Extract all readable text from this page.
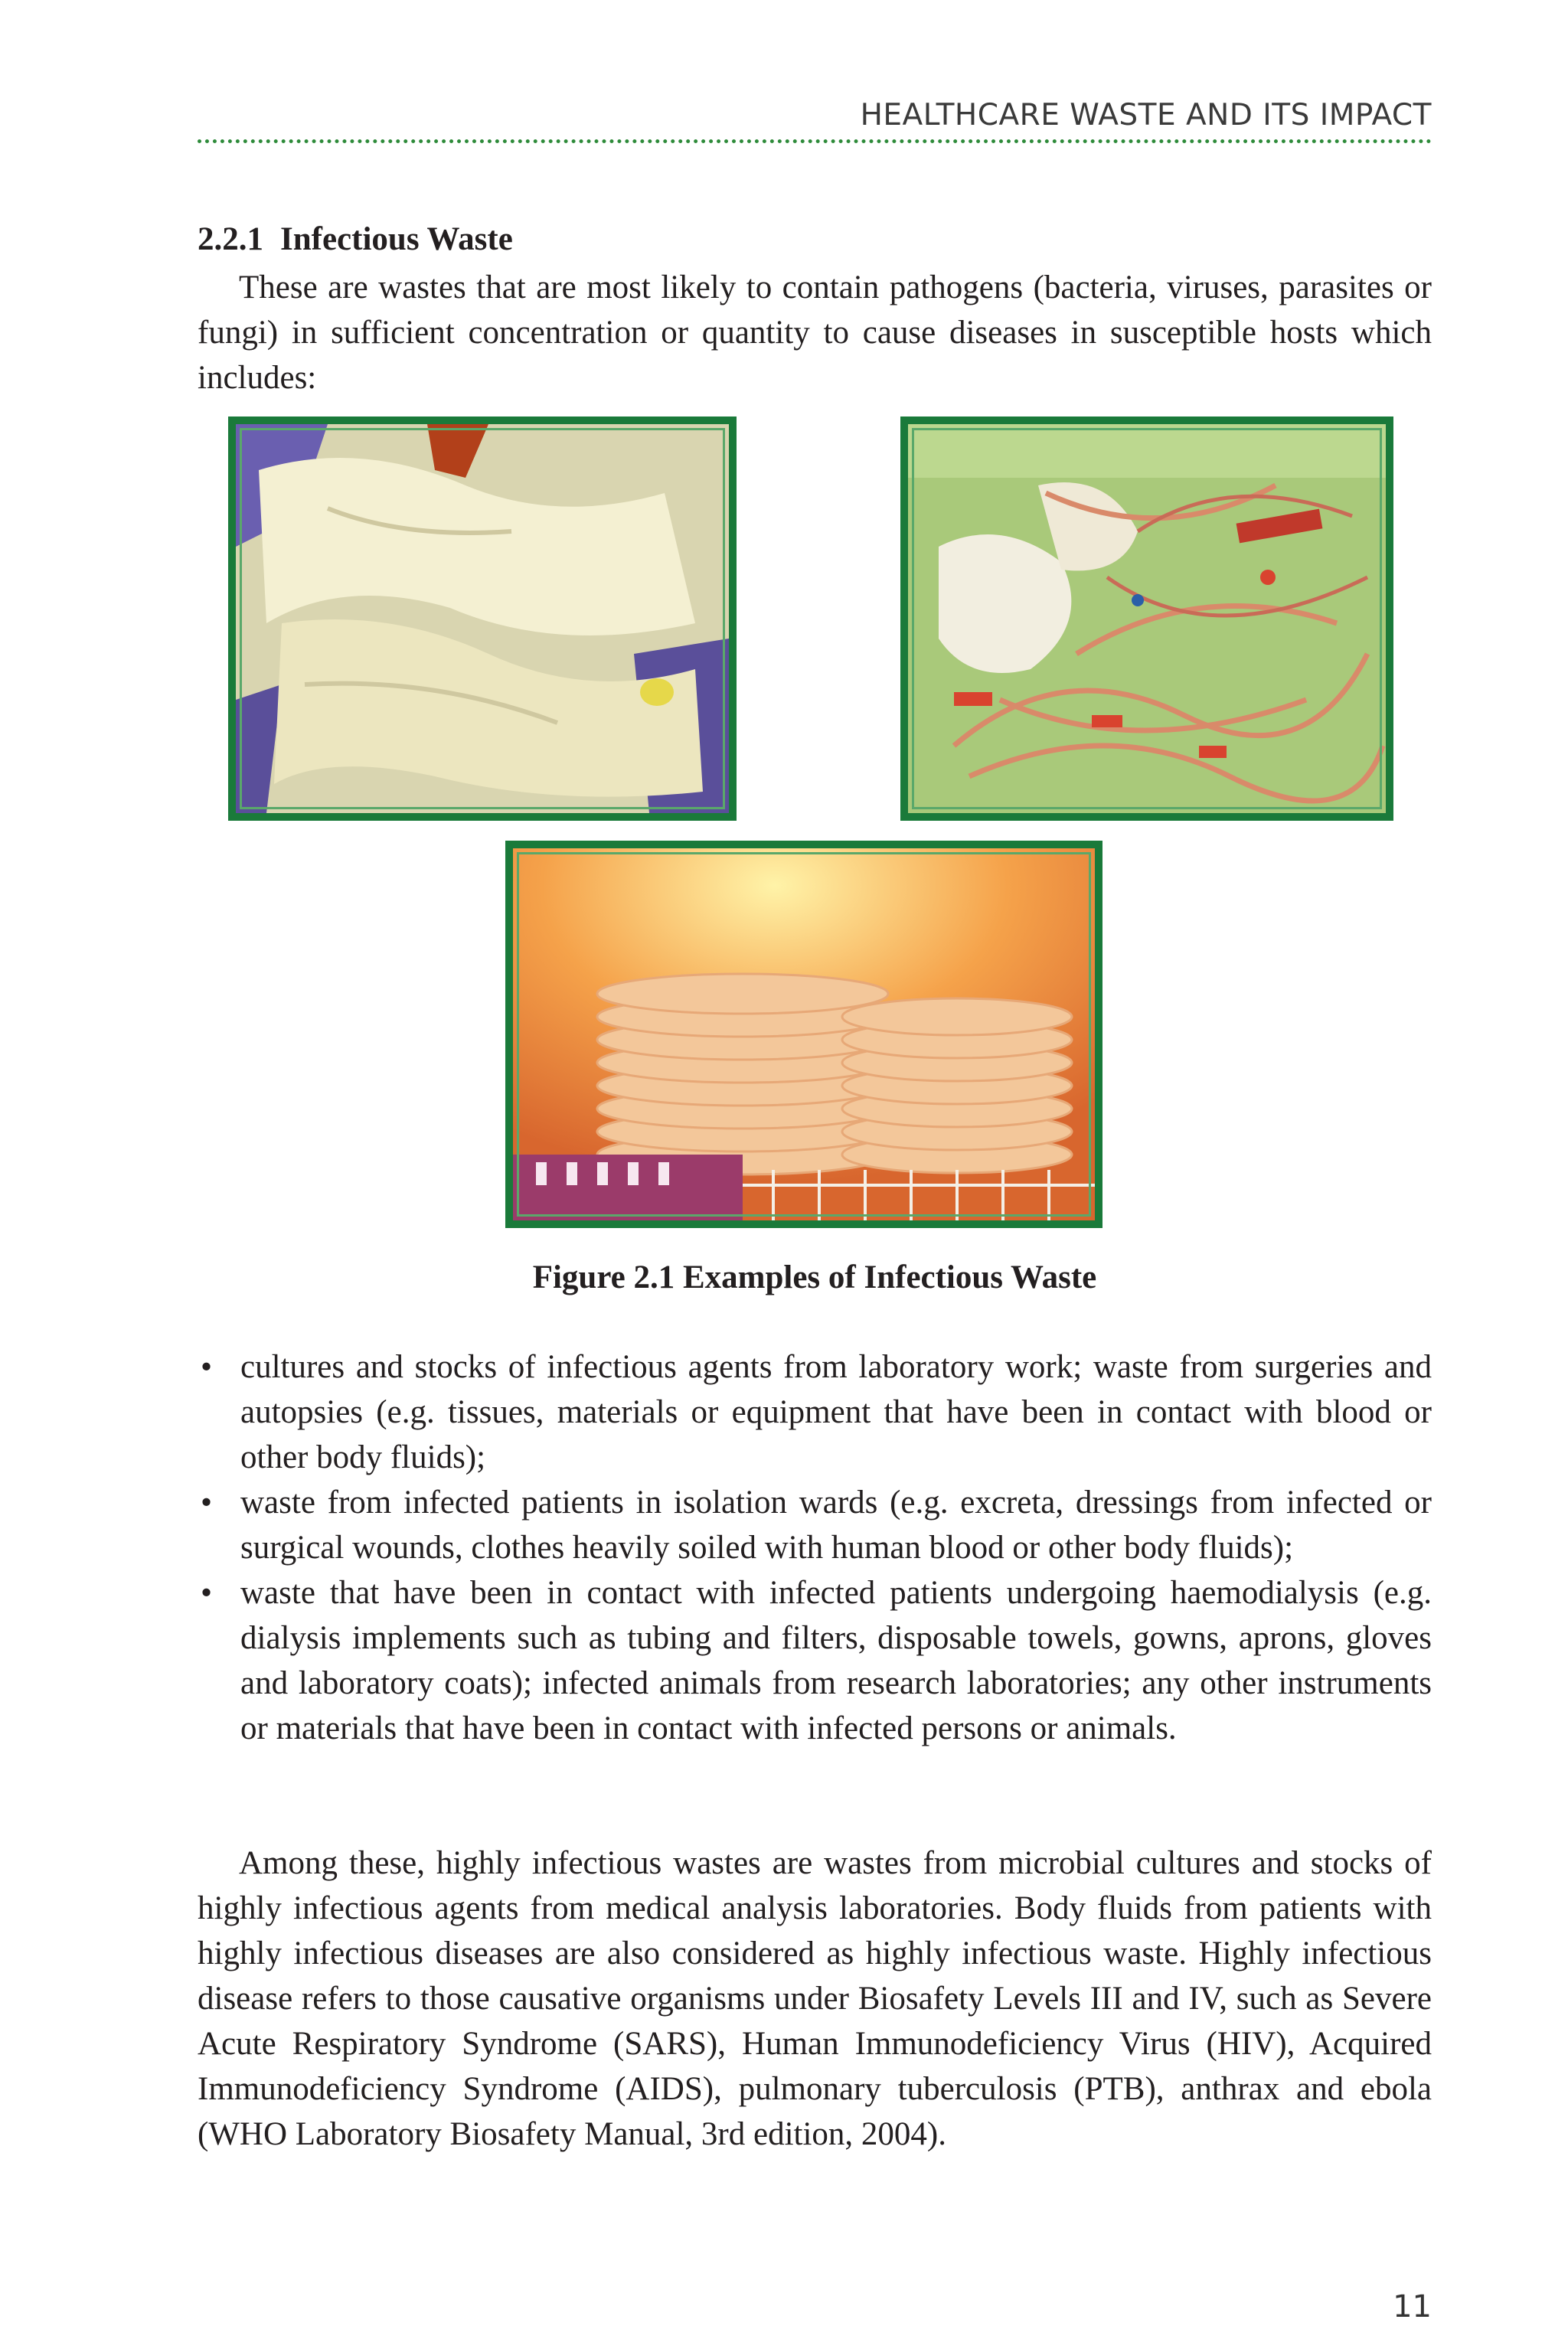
HEALTHCARE WASTE AND ITS IMPACT
2.2.1 Infectious Waste

These are wastes that are most likely to contain pathogens (bacteria, viruses, parasites or fungi) in sufficient concentration or quantity to cause diseases in susceptible hosts which includes:

Figure 2.1 Examples of Infectious Waste
• cultures and stocks of infectious agents from laboratory work; waste from surgeries and autopsies (e.g. tissues, materials or equipment that have been in contact with blood or other body fluids);
• waste from infected patients in isolation wards (e.g. excreta, dressings from infected or surgical wounds, clothes heavily soiled with human blood or other body fluids);
• waste that have been in contact with infected patients undergoing haemodialysis (e.g. dialysis implements such as tubing and filters, disposable towels, gowns, aprons, gloves and laboratory coats); infected animals from research laboratories; any other instruments or materials that have been in contact with infected persons or animals.

Among these, highly infectious wastes are wastes from microbial cultures and stocks of highly infectious agents from medical analysis laboratories. Body fluids from patients with highly infectious diseases are also considered as highly infectious waste. Highly infectious disease refers to those causative organisms under Biosafety Levels III and IV, such as Severe Acute Respiratory Syndrome (SARS), Human Immunodeficiency Virus (HIV), Acquired Immunodeficiency Syndrome (AIDS), pulmonary tuberculosis (PTB), anthrax and ebola (WHO Laboratory Biosafety Manual, 3rd edition, 2004).

11
